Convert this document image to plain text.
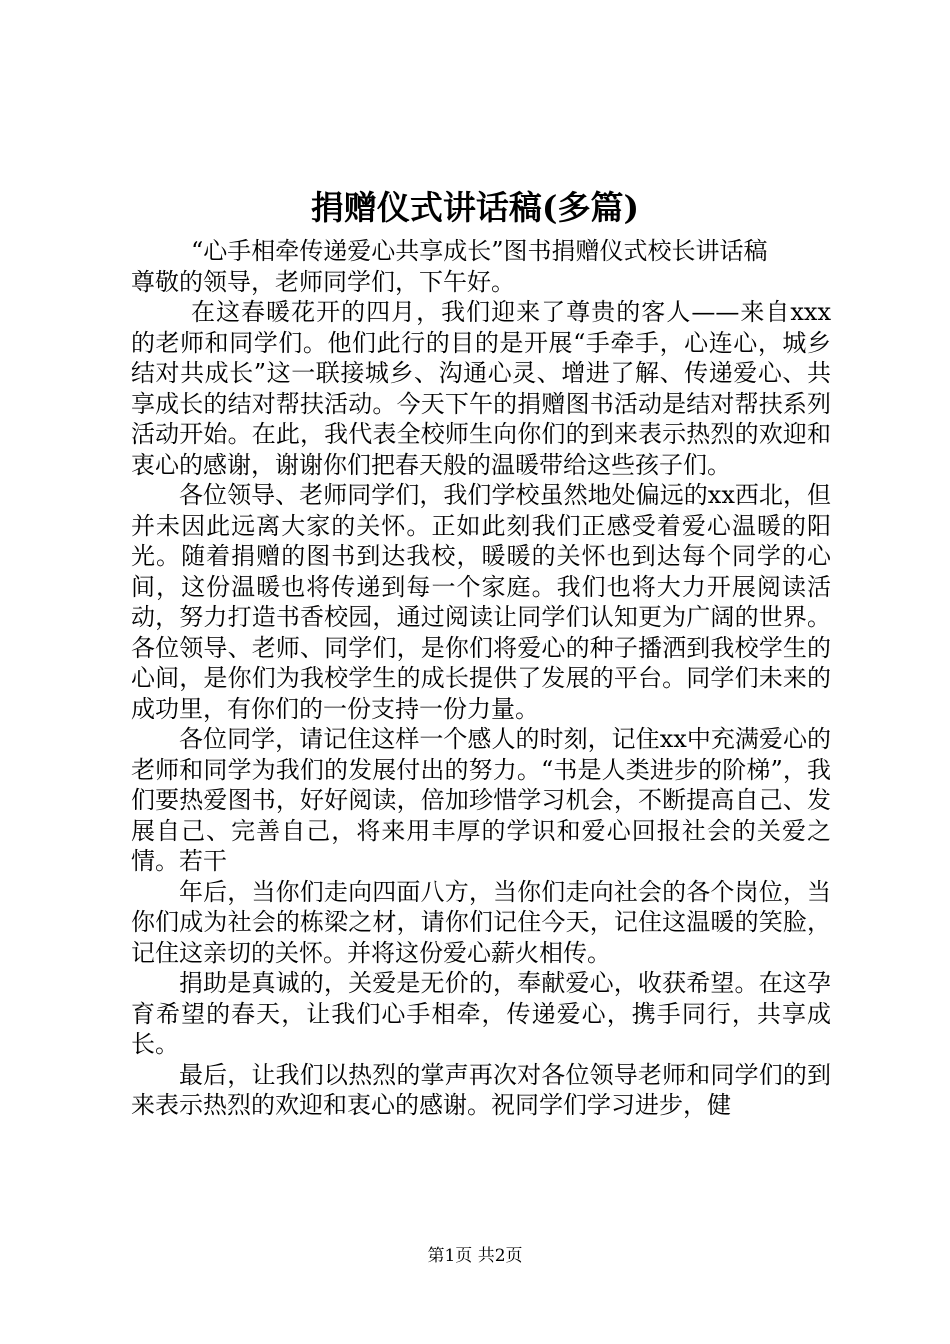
捐赠仪式讲话稿(多篇)

“心手相牵传递爱心共享成长”图书捐赠仪式校长讲话稿

尊敬的领导，老师同学们，下午好。

在这春暖花开的四月，我们迎来了尊贵的客人——来自xxx的老师和同学们。他们此行的目的是开展“手牵手，心连心，城乡结对共成长”这一联接城乡、沟通心灵、增进了解、传递爱心、共享成长的结对帮扶活动。今天下午的捐赠图书活动是结对帮扶系列活动开始。在此，我代表全校师生向你们的到来表示热烈的欢迎和衷心的感谢，谢谢你们把春天般的温暖带给这些孩子们。

各位领导、老师同学们，我们学校虽然地处偏远的xx西北，但并未因此远离大家的关怀。正如此刻我们正感受着爱心温暖的阳光。随着捐赠的图书到达我校，暖暖的关怀也到达每个同学的心间，这份温暖也将传递到每一个家庭。我们也将大力开展阅读活动，努力打造书香校园，通过阅读让同学们认知更为广阔的世界。各位领导、老师、同学们，是你们将爱心的种子播洒到我校学生的心间，是你们为我校学生的成长提供了发展的平台。同学们未来的成功里，有你们的一份支持一份力量。

各位同学，请记住这样一个感人的时刻，记住xx中充满爱心的老师和同学为我们的发展付出的努力。“书是人类进步的阶梯”，我们要热爱图书，好好阅读，倍加珍惜学习机会，不断提高自己、发展自己、完善自己，将来用丰厚的学识和爱心回报社会的关爱之情。若干

年后，当你们走向四面八方，当你们走向社会的各个岗位，当你们成为社会的栋梁之材，请你们记住今天，记住这温暖的笑脸，记住这亲切的关怀。并将这份爱心薪火相传。

捐助是真诚的，关爱是无价的，奉献爱心，收获希望。在这孕育希望的春天，让我们心手相牵，传递爱心，携手同行，共享成长。

最后，让我们以热烈的掌声再次对各位领导老师和同学们的到来表示热烈的欢迎和衷心的感谢。祝同学们学习进步，健

第1页 共2页
